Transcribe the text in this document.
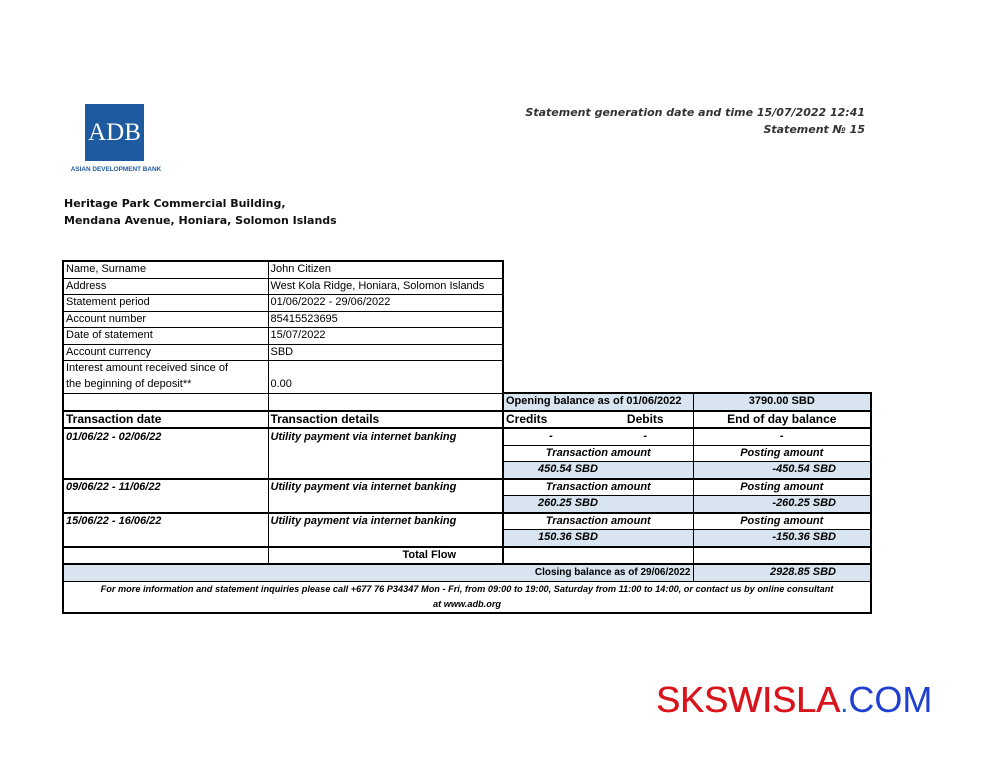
ADB
ASIAN DEVELOPMENT BANK
Statement generation date and time 15/07/2022 12:41
Statement № 15
Heritage Park Commercial Building,
Mendana Avenue, Honiara, Solomon Islands
Name, Surname	John Citizen			
Address	West Kola Ridge, Honiara, Solomon Islands			
Statement period	01/06/2022 - 29/06/2022			
Account number	85415523695			
Date of statement	15/07/2022			
Account currency	SBD			
Interest amount received since of				
the beginning of deposit**	0.00			
		Opening balance as of 01/06/2022		3790.00 SBD
Transaction date	Transaction details	Credits	Debits	End of day balance
01/06/22 - 02/06/22	Utility payment via internet banking	-	-	-
		Transaction amount		Posting amount
		450.54 SBD		-450.54 SBD
09/06/22 - 11/06/22	Utility payment via internet banking	Transaction amount		Posting amount
		260.25 SBD		-260.25 SBD
15/06/22 - 16/06/22	Utility payment via internet banking	Transaction amount		Posting amount
		150.36 SBD		-150.36 SBD
	Total Flow			
		Closing balance as of 29/06/2022		2928.85 SBD
For more information and statement inquiries please call +677 76 P34347 Mon - Fri, from 09:00 to 19:00, Saturday from 11:00 to 14:00, or contact us by online consultant
at www.adb.org				
SKSWISLA.COM
